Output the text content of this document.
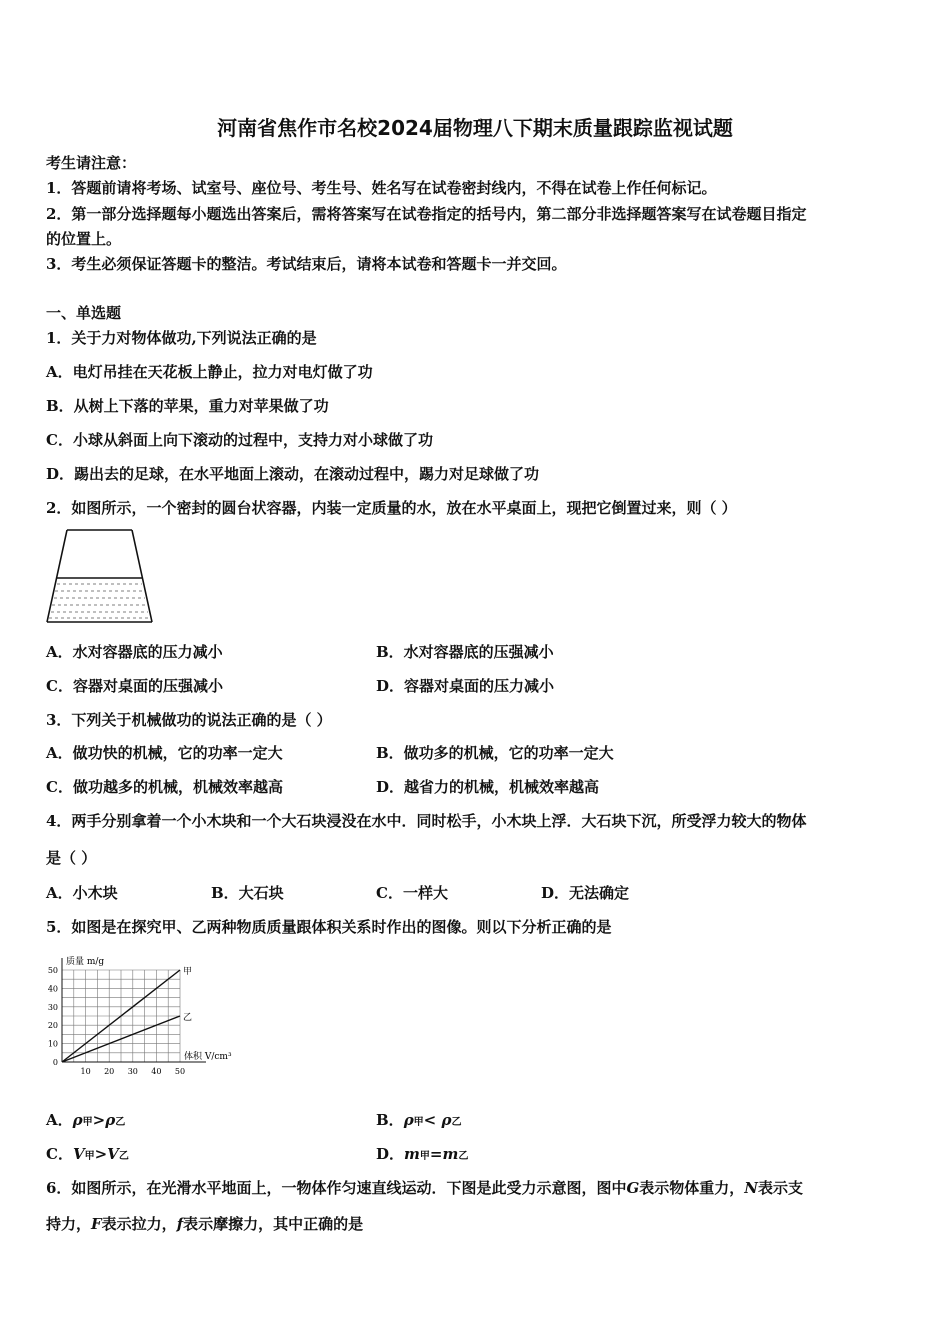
河南省焦作市名校2024届物理八下期末质量跟踪监视试题
考生请注意：
1．答题前请将考场、试室号、座位号、考生号、姓名写在试卷密封线内，不得在试卷上作任何标记。
2．第一部分选择题每小题选出答案后，需将答案写在试卷指定的括号内，第二部分非选择题答案写在试卷题目指定
的位置上。
3．考生必须保证答题卡的整洁。考试结束后，请将本试卷和答题卡一并交回。
一、单选题
1．关于力对物体做功,下列说法正确的是
A．电灯吊挂在天花板上静止，拉力对电灯做了功
B．从树上下落的苹果，重力对苹果做了功
C．小球从斜面上向下滚动的过程中，支持力对小球做了功
D．踢出去的足球，在水平地面上滚动，在滚动过程中，踢力对足球做了功
2．如图所示，一个密封的圆台状容器，内装一定质量的水，放在水平桌面上，现把它倒置过来，则（ ）
A．水对容器底的压力减小	B．水对容器底的压强减小
C．容器对桌面的压强减小	D．容器对桌面的压力减小
3．下列关于机械做功的说法正确的是（ ）
A．做功快的机械，它的功率一定大	B．做功多的机械，它的功率一定大
C．做功越多的机械，机械效率越高	D．越省力的机械，机械效率越高
4．两手分别拿着一个小木块和一个大石块浸没在水中．同时松手，小木块上浮．大石块下沉，所受浮力较大的物体
是（ ）
A．小木块	B．大石块	C．一样大	D．无法确定
5．如图是在探究甲、乙两种物质质量跟体积关系时作出的图像。则以下分析正确的是
0
10
20
30
40
50
10 20 30 40 50
质量 m/g
体积 V/cm³
甲
乙
A．ρ甲>ρ乙	B．ρ甲< ρ乙
C．V甲>V乙	D．m甲=m乙
6．如图所示，在光滑水平地面上，一物体作匀速直线运动．下图是此受力示意图，图中G表示物体重力，N表示支
持力，F表示拉力，f表示摩擦力，其中正确的是
